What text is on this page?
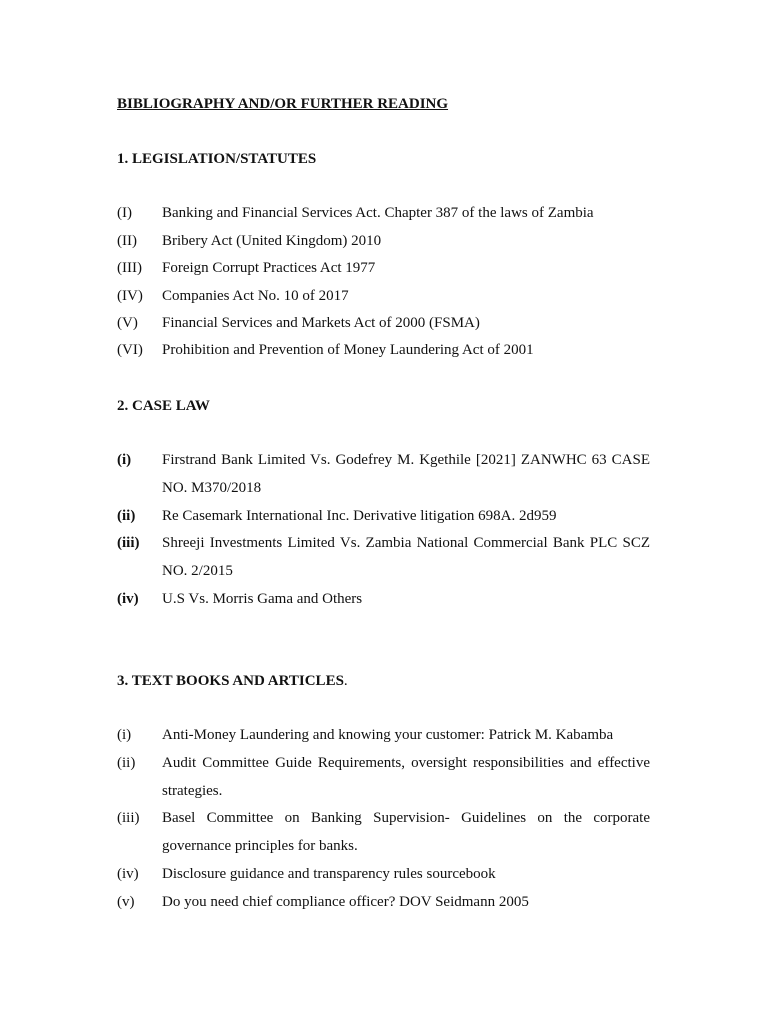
BIBLIOGRAPHY AND/OR FURTHER READING
1. LEGISLATION/STATUTES
(I)	Banking and Financial Services Act. Chapter 387 of the laws of Zambia
(II)	Bribery Act (United Kingdom) 2010
(III)	Foreign Corrupt Practices Act 1977
(IV)	Companies Act No. 10 of 2017
(V)	Financial Services and Markets Act of 2000 (FSMA)
(VI)	Prohibition and Prevention of Money Laundering Act of 2001
2. CASE LAW
(i)	Firstrand Bank Limited Vs. Godefrey M. Kgethile [2021] ZANWHC 63 CASE NO. M370/2018
(ii)	Re Casemark International Inc. Derivative litigation 698A. 2d959
(iii)	Shreeji Investments Limited Vs. Zambia National Commercial Bank PLC SCZ NO. 2/2015
(iv)	U.S Vs. Morris Gama and Others
3. TEXT BOOKS AND ARTICLES.
(i)	Anti-Money Laundering and knowing your customer: Patrick M. Kabamba
(ii)	Audit Committee Guide Requirements, oversight responsibilities and effective strategies.
(iii)	Basel Committee on Banking Supervision- Guidelines on the corporate governance principles for banks.
(iv)	Disclosure guidance and transparency rules sourcebook
(v)	Do you need chief compliance officer? DOV Seidmann 2005
